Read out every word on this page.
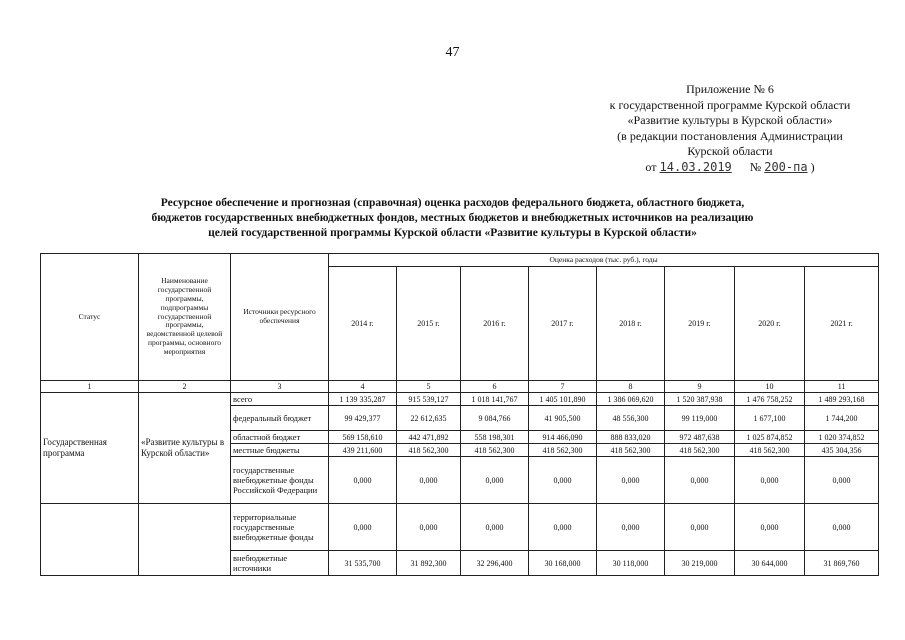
47
Приложение № 6
к государственной программе Курской области
«Развитие культуры в Курской области»
(в редакции постановления Администрации
Курской области
от 14.03.2019 № 200-па )
Ресурсное обеспечение и прогнозная (справочная) оценка расходов федерального бюджета, областного бюджета,
бюджетов государственных внебюджетных фондов, местных бюджетов и внебюджетных источников на реализацию
целей государственной программы Курской области «Развитие культуры в Курской области»
Статус	Наименование государственной программы, подпрограммы государственной программы, ведомственной целевой программы, основного мероприятия	Источники ресурсного обеспечения	Оценка расходов (тыс. руб.), годы							
			2014 г.	2015 г.	2016 г.	2017 г.	2018 г.	2019 г.	2020 г.	2021 г.
1	2	3	4	5	6	7	8	9	10	11
Государственная программа	«Развитие культуры в Курской области»	всего	1 139 335,287	915 539,127	1 018 141,767	1 405 101,890	1 386 069,620	1 520 387,938	1 476 758,252	1 489 293,168
		федеральный бюджет	99 429,377	22 612,635	9 084,766	41 905,500	48 556,300	99 119,000	1 677,100	1 744,200
		областной бюджет	569 158,610	442 471,892	558 198,301	914 466,090	888 833,020	972 487,638	1 025 874,852	1 020 374,852
		местные бюджеты	439 211,600	418 562,300	418 562,300	418 562,300	418 562,300	418 562,300	418 562,300	435 304,356
		государственные внебюджетные фонды Российской Федерации	0,000	0,000	0,000	0,000	0,000	0,000	0,000	0,000
		территориальные государственные внебюджетные фонды	0,000	0,000	0,000	0,000	0,000	0,000	0,000	0,000
		внебюджетные источники	31 535,700	31 892,300	32 296,400	30 168,000	30 118,000	30 219,000	30 644,000	31 869,760
